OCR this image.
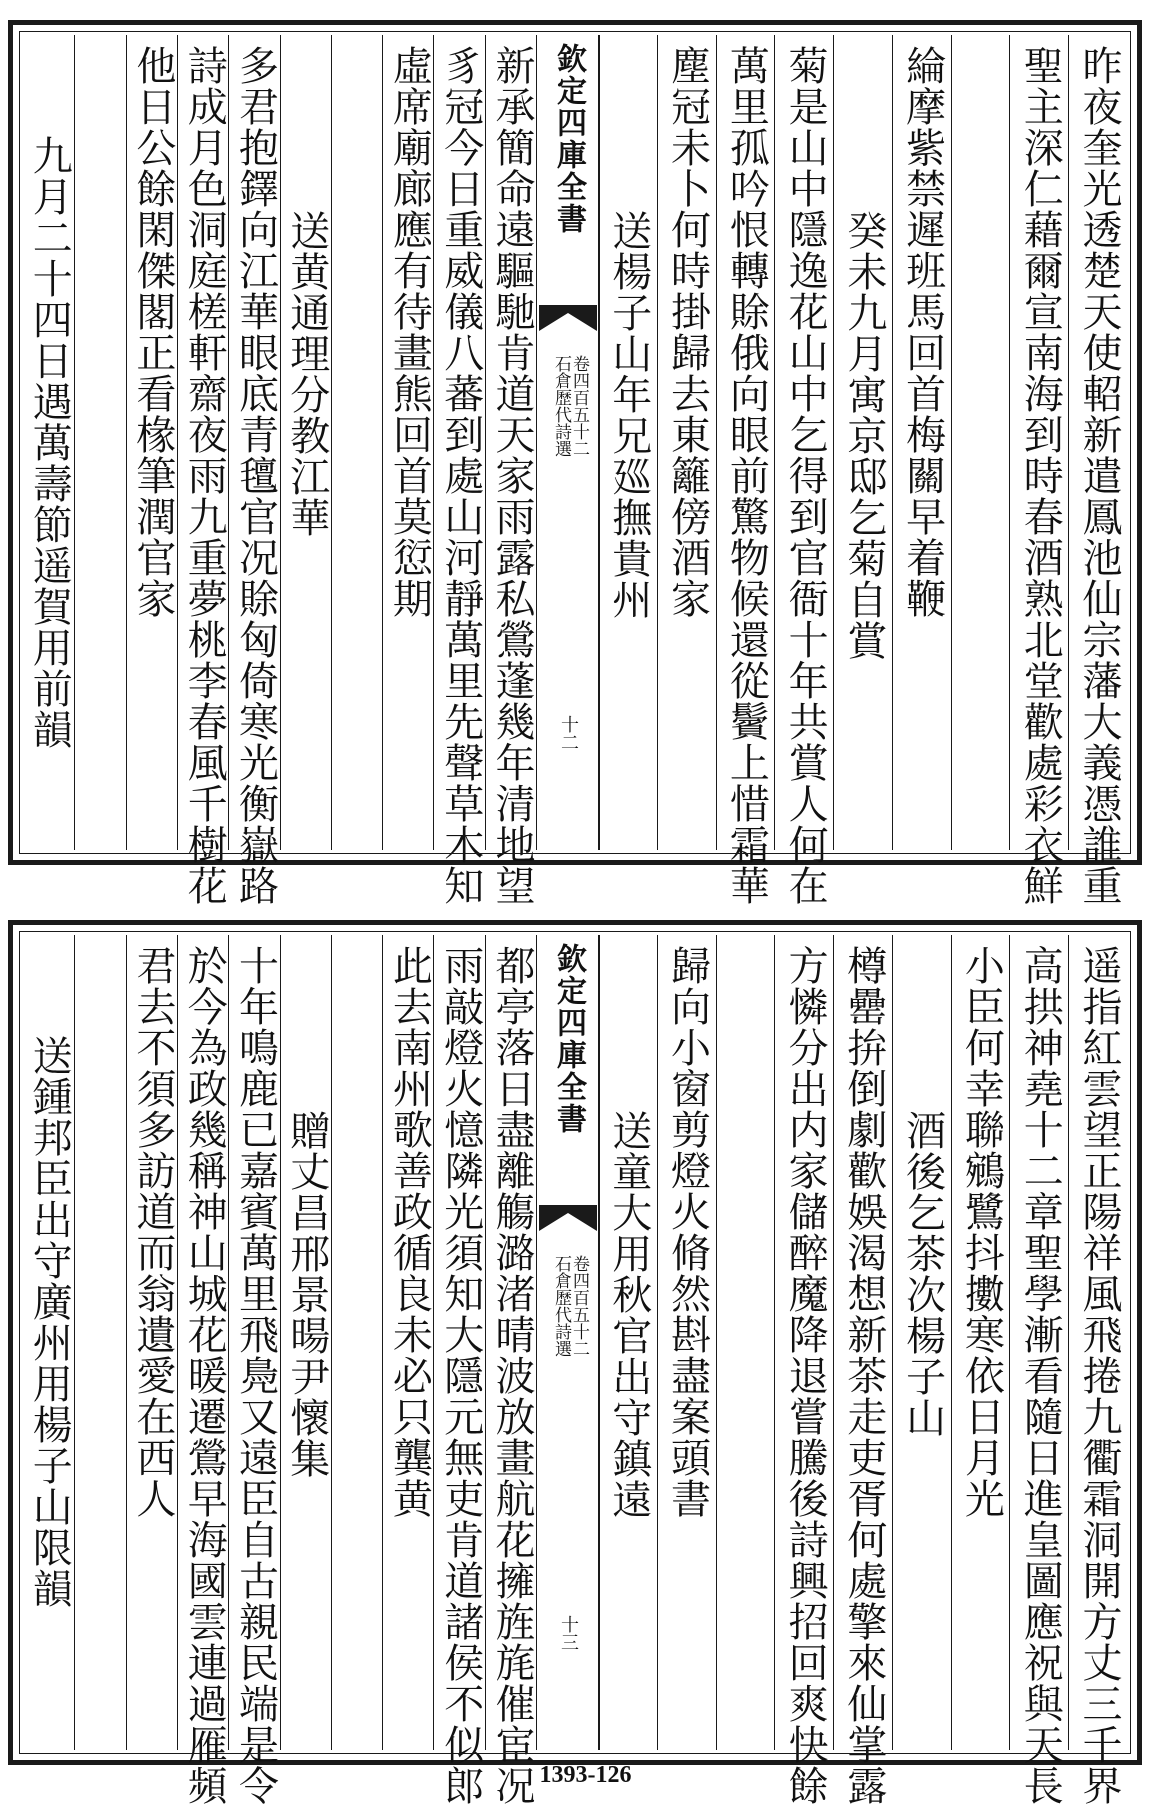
昨夜奎光透楚天使軺新遣鳳池仙宗藩大義憑誰重
聖主深仁藉爾宣南海到時春酒熟北堂歡處彩衣鮮
綸摩紫禁遲班馬回首梅關早着鞭
癸未九月寓京邸乞菊自賞
菊是山中隱逸花山中乞得到官衙十年共賞人何在
萬里孤吟恨轉賖俄向眼前驚物候還從鬢上惜霜華
塵冠未卜何時掛歸去東籬傍酒家
送楊子山年兄廵撫貴州
新承簡命遠驅馳肯道天家雨露私鶯蓬幾年清地望
豸冠今日重威儀八蕃到處山河靜萬里先聲草木知
虛席廟廊應有待畫熊回首莫愆期
送黄通理分教江華
多君抱鐸向江華眼底青氊官况賖匈倚寒光衡嶽路
詩成月色洞庭槎軒齋夜雨九重夢桃李春風千樹花
他日公餘閑傑閣正看椽筆潤官家
九月二十四日遇萬壽節遥賀用前韻	欽定四庫全書
石倉歷代詩選
卷四百五十二
十二
遥指紅雲望正陽祥風飛捲九衢霜洞開方丈三千界
高拱神堯十二章聖學漸看隨日進皇圖應祝與天長
小臣何幸聯鵷鷺抖擻寒依日月光
酒後乞茶次楊子山
樽罍拚倒劇歡娛渴想新茶走吏胥何處擎來仙掌露
方憐分出内家儲醉魔降退嘗騰後詩興招回爽快餘
歸向小窗剪燈火脩然斟盡案頭書
送童大用秋官出守鎮遠
都亭落日盡離觴潞渚晴波放畫航花擁旌旄催宦况
雨敲燈火憶隣光須知大隱元無吏肯道諸侯不似郎
此去南州歌善政循良未必只龔黄
贈丈昌邢景暘尹懷集
十年鳴鹿已嘉賓萬里飛鳧又遠臣自古親民端是令
於今為政幾稱神山城花暖遷鶯早海國雲連過雁頻
君去不須多訪道而翁遺愛在西人
送鍾邦臣出守廣州用楊子山限韻	欽定四庫全書
石倉歷代詩選
卷四百五十二
十三
1393-126
